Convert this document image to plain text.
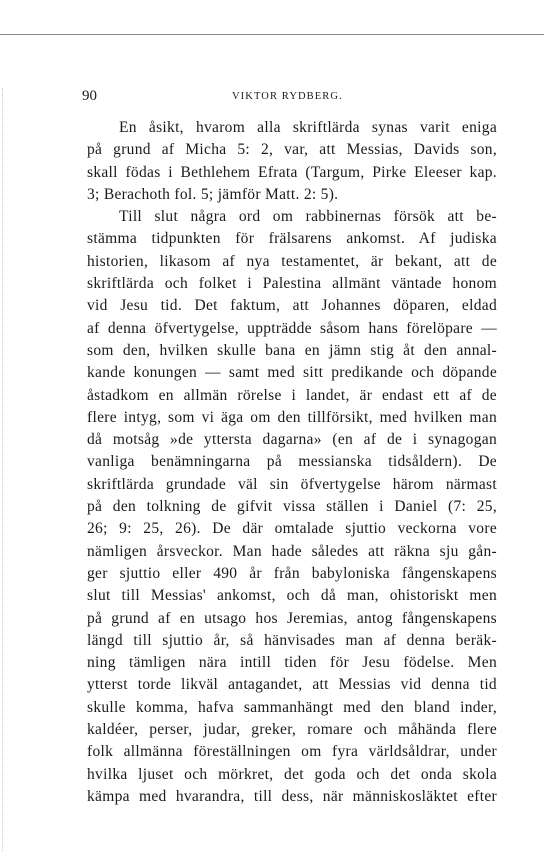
90	VIKTOR RYDBERG.
En åsikt, hvarom alla skriftlärda synas varit eniga
på grund af Micha 5: 2, var, att Messias, Davids son,
skall födas i Bethlehem Efrata (Targum, Pirke Eleeser kap.
3; Berachoth fol. 5; jämför Matt. 2: 5).
Till slut några ord om rabbinernas försök att be-
stämma tidpunkten för frälsarens ankomst. Af judiska
historien, likasom af nya testamentet, är bekant, att de
skriftlärda och folket i Palestina allmänt väntade honom
vid Jesu tid. Det faktum, att Johannes döparen, eldad
af denna öfvertygelse, uppträdde såsom hans förelöpare —
som den, hvilken skulle bana en jämn stig åt den annal-
kande konungen — samt med sitt predikande och döpande
åstadkom en allmän rörelse i landet, är endast ett af de
flere intyg, som vi äga om den tillförsikt, med hvilken man
då motsåg »de yttersta dagarna» (en af de i synagogan
vanliga benämningarna på messianska tidsåldern). De
skriftlärda grundade väl sin öfvertygelse härom närmast
på den tolkning de gifvit vissa ställen i Daniel (7: 25,
26; 9: 25, 26). De där omtalade sjuttio veckorna vore
nämligen årsveckor. Man hade således att räkna sju gån-
ger sjuttio eller 490 år från babyloniska fångenskapens
slut till Messias' ankomst, och då man, ohistoriskt men
på grund af en utsago hos Jeremias, antog fångenskapens
längd till sjuttio år, så hänvisades man af denna beräk-
ning tämligen nära intill tiden för Jesu födelse. Men
ytterst torde likväl antagandet, att Messias vid denna tid
skulle komma, hafva sammanhängt med den bland inder,
kaldéer, perser, judar, greker, romare och måhända flere
folk allmänna föreställningen om fyra världsåldrar, under
hvilka ljuset och mörkret, det goda och det onda skola
kämpa med hvarandra, till dess, när människosläktet efter
